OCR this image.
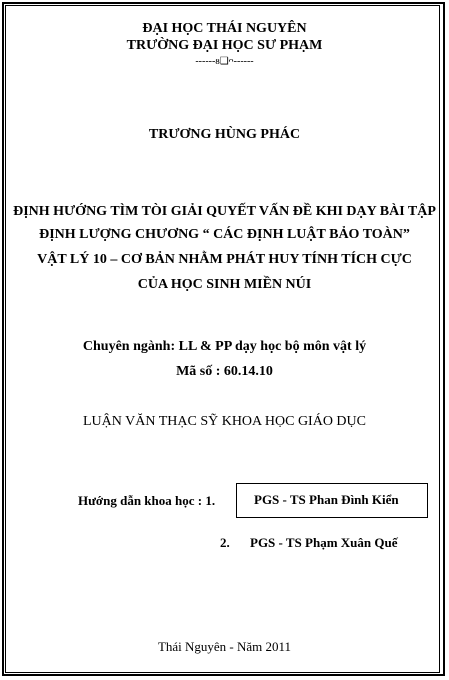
ĐẠI HỌC THÁI NGUYÊN
TRƯỜNG ĐẠI HỌC SƯ PHẠM
------ᴕ❑ᴖ------
TRƯƠNG HÙNG PHÁC
ĐỊNH HƯỚNG TÌM TÒI GIẢI QUYẾT VẤN ĐỀ KHI DẠY BÀI TẬP
ĐỊNH LƯỢNG CHƯƠNG “ CÁC ĐỊNH LUẬT BẢO TOÀN”
VẬT LÝ 10 – CƠ BẢN NHẰM PHÁT HUY TÍNH TÍCH CỰC
CỦA HỌC SINH MIỀN NÚI
Chuyên ngành: LL & PP dạy học bộ môn vật lý
Mã số : 60.14.10
LUẬN VĂN THẠC SỸ KHOA HỌC GIÁO DỤC
Hướng dẫn khoa học : 1.	PGS - TS Phan Đình Kiển
2. PGS - TS Phạm Xuân Quế
Thái Nguyên - Năm 2011
